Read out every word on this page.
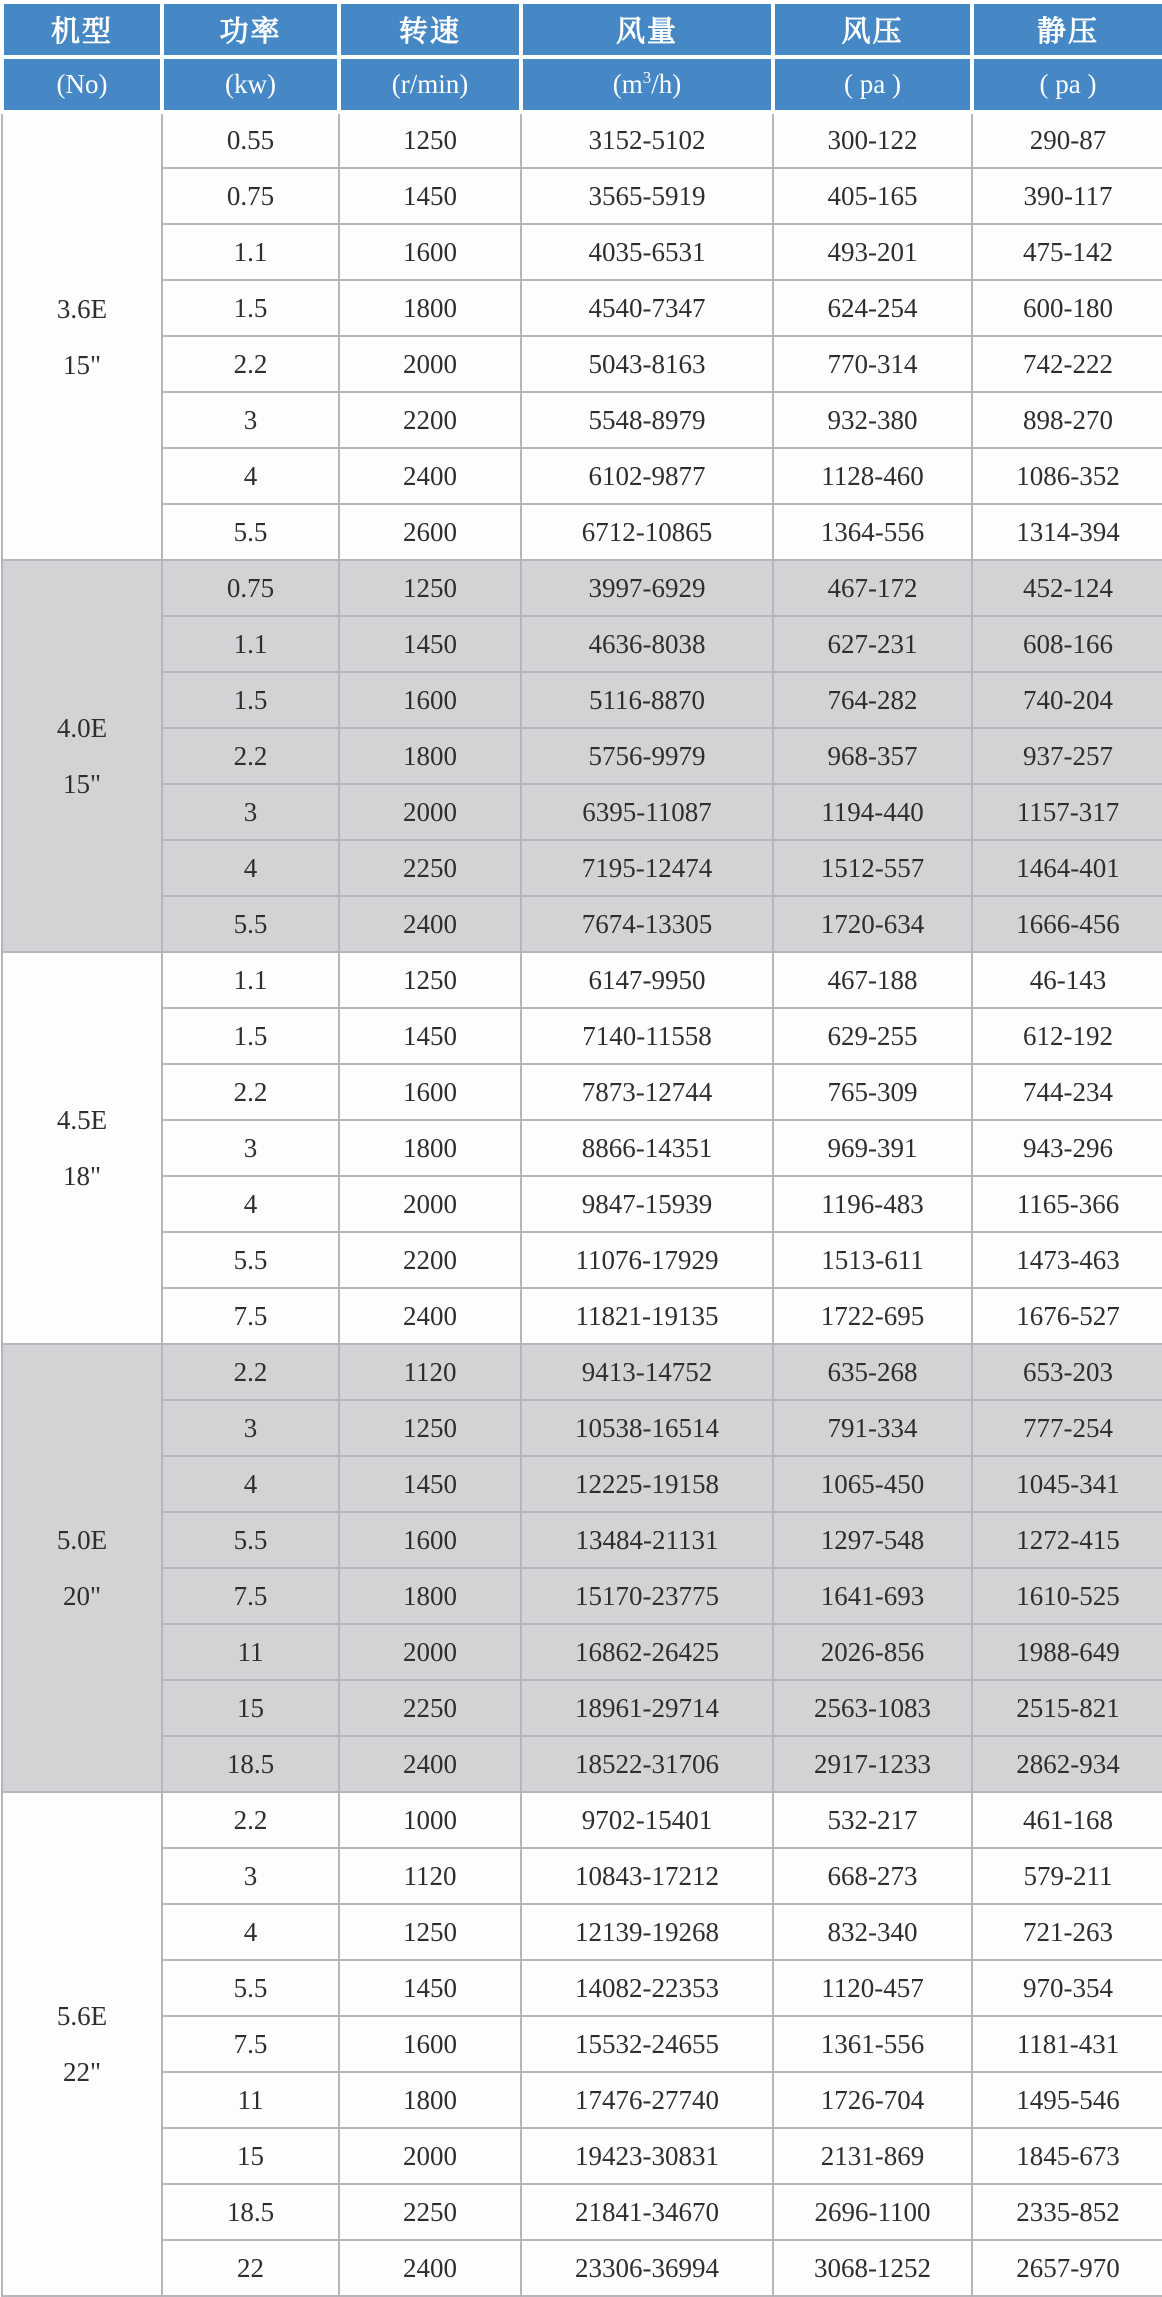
机型	功率	转速	风量	风压	静压
(No)	(kw)	(r/min)	$(m^3/h)$	( pa )	( pa )

3.6E
15"	0.55	1250	3152-5102	300-122	290-87
	0.75	1450	3565-5919	405-165	390-117
	1.1	1600	4035-6531	493-201	475-142
	1.5	1800	4540-7347	624-254	600-180
	2.2	2000	5043-8163	770-314	742-222
	3	2200	5548-8979	932-380	898-270
	4	2400	6102-9877	1128-460	1086-352
	5.5	2600	6712-10865	1364-556	1314-394

4.0E
15"	0.75	1250	3997-6929	467-172	452-124
	1.1	1450	4636-8038	627-231	608-166
	1.5	1600	5116-8870	764-282	740-204
	2.2	1800	5756-9979	968-357	937-257
	3	2000	6395-11087	1194-440	1157-317
	4	2250	7195-12474	1512-557	1464-401
	5.5	2400	7674-13305	1720-634	1666-456

4.5E
18"	1.1	1250	6147-9950	467-188	46-143
	1.5	1450	7140-11558	629-255	612-192
	2.2	1600	7873-12744	765-309	744-234
	3	1800	8866-14351	969-391	943-296
	4	2000	9847-15939	1196-483	1165-366
	5.5	2200	11076-17929	1513-611	1473-463
	7.5	2400	11821-19135	1722-695	1676-527

5.0E
20"	2.2	1120	9413-14752	635-268	653-203
	3	1250	10538-16514	791-334	777-254
	4	1450	12225-19158	1065-450	1045-341
	5.5	1600	13484-21131	1297-548	1272-415
	7.5	1800	15170-23775	1641-693	1610-525
	11	2000	16862-26425	2026-856	1988-649
	15	2250	18961-29714	2563-1083	2515-821
	18.5	2400	18522-31706	2917-1233	2862-934

5.6E
22"	2.2	1000	9702-15401	532-217	461-168
	3	1120	10843-17212	668-273	579-211
	4	1250	12139-19268	832-340	721-263
	5.5	1450	14082-22353	1120-457	970-354
	7.5	1600	15532-24655	1361-556	1181-431
	11	1800	17476-27740	1726-704	1495-546
	15	2000	19423-30831	2131-869	1845-673
	18.5	2250	21841-34670	2696-1100	2335-852
	22	2400	23306-36994	3068-1252	2657-970
